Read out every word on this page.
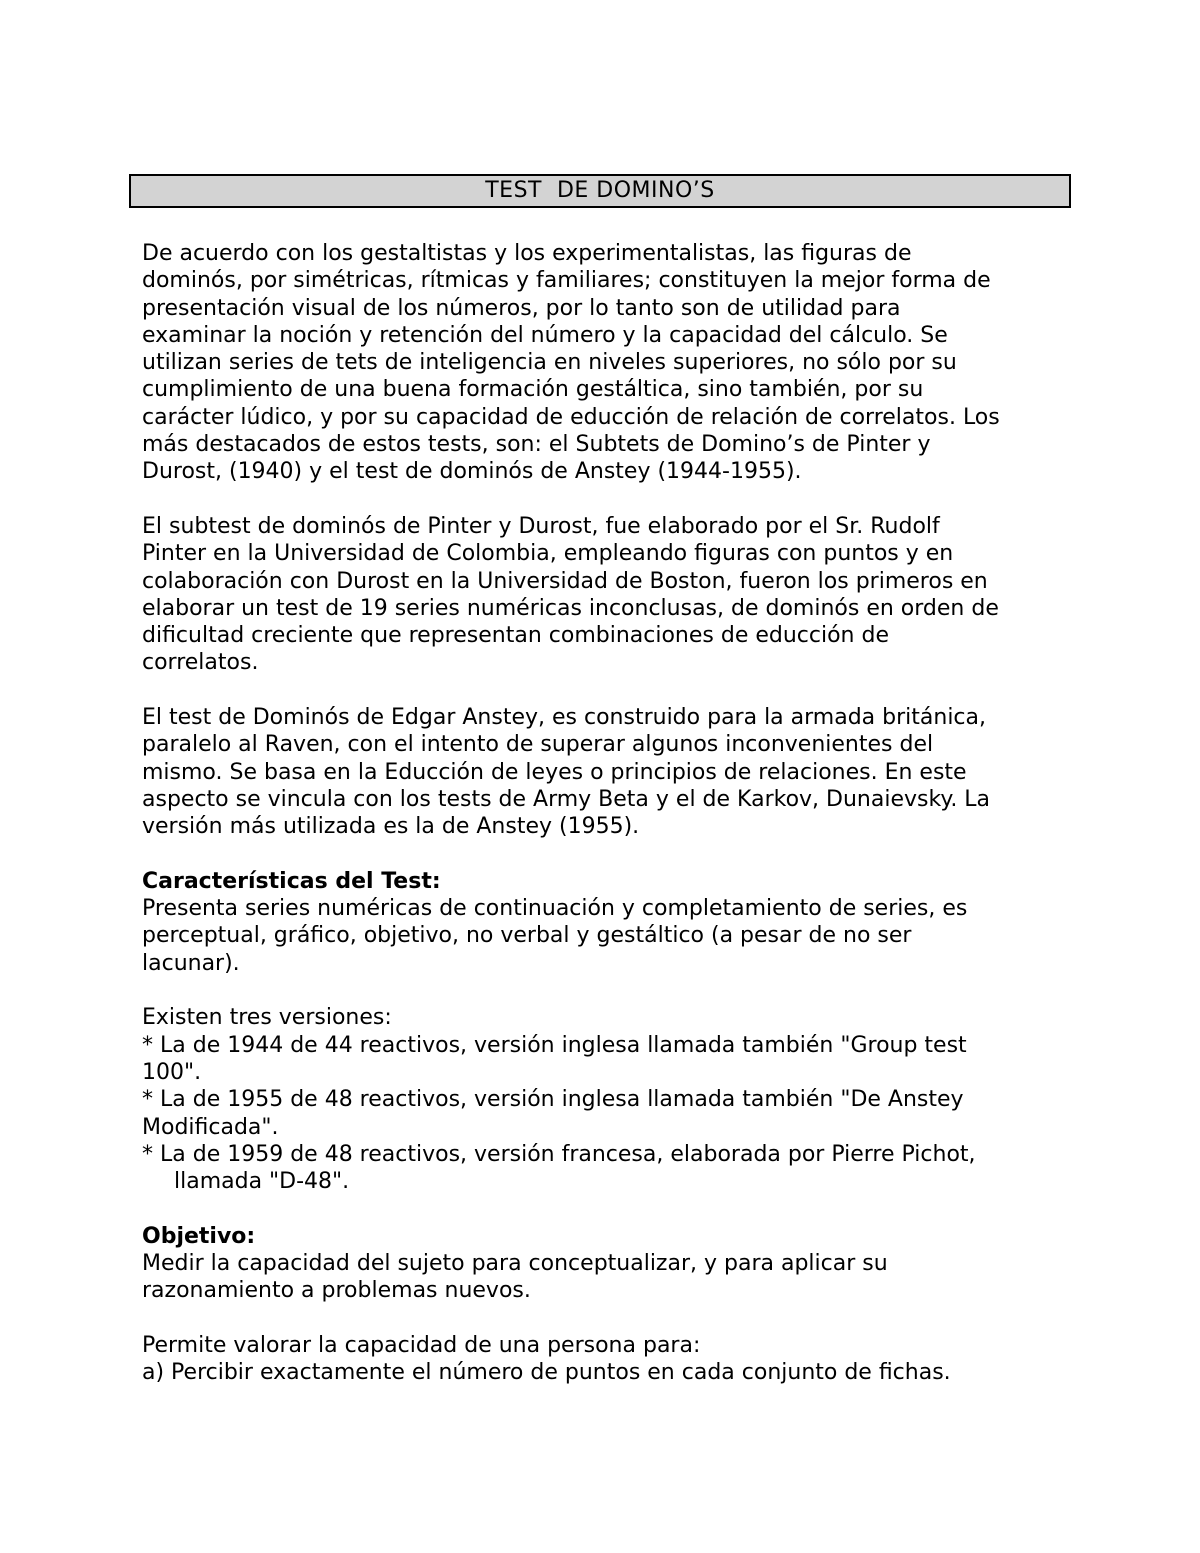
TEST  DE DOMINO’S
De acuerdo con los gestaltistas y los experimentalistas, las figuras de
dominós, por simétricas, rítmicas y familiares; constituyen la mejor forma de
presentación visual de los números, por lo tanto son de utilidad para
examinar la noción y retención del número y la capacidad del cálculo. Se
utilizan series de tets de inteligencia en niveles superiores, no sólo por su
cumplimiento de una buena formación gestáltica, sino también, por su
carácter lúdico, y por su capacidad de educción de relación de correlatos. Los
más destacados de estos tests, son: el Subtets de Domino’s de Pinter y
Durost, (1940) y el test de dominós de Anstey (1944-1955).
El subtest de dominós de Pinter y Durost, fue elaborado por el Sr. Rudolf
Pinter en la Universidad de Colombia, empleando figuras con puntos y en
colaboración con Durost en la Universidad de Boston, fueron los primeros en
elaborar un test de 19 series numéricas inconclusas, de dominós en orden de
dificultad creciente que representan combinaciones de educción de
correlatos.
El test de Dominós de Edgar Anstey, es construido para la armada británica,
paralelo al Raven, con el intento de superar algunos inconvenientes del
mismo. Se basa en la Educción de leyes o principios de relaciones. En este
aspecto se vincula con los tests de Army Beta y el de Karkov, Dunaievsky. La
versión más utilizada es la de Anstey (1955).
Características del Test:
Presenta series numéricas de continuación y completamiento de series, es
perceptual, gráfico, objetivo, no verbal y gestáltico (a pesar de no ser
lacunar).
Existen tres versiones:
* La de 1944 de 44 reactivos, versión inglesa llamada también "Group test
100".
* La de 1955 de 48 reactivos, versión inglesa llamada también "De Anstey
Modificada".
* La de 1959 de 48 reactivos, versión francesa, elaborada por Pierre Pichot,
llamada "D-48".
Objetivo:
Medir la capacidad del sujeto para conceptualizar, y para aplicar su
razonamiento a problemas nuevos.
Permite valorar la capacidad de una persona para:
a) Percibir exactamente el número de puntos en cada conjunto de fichas.
